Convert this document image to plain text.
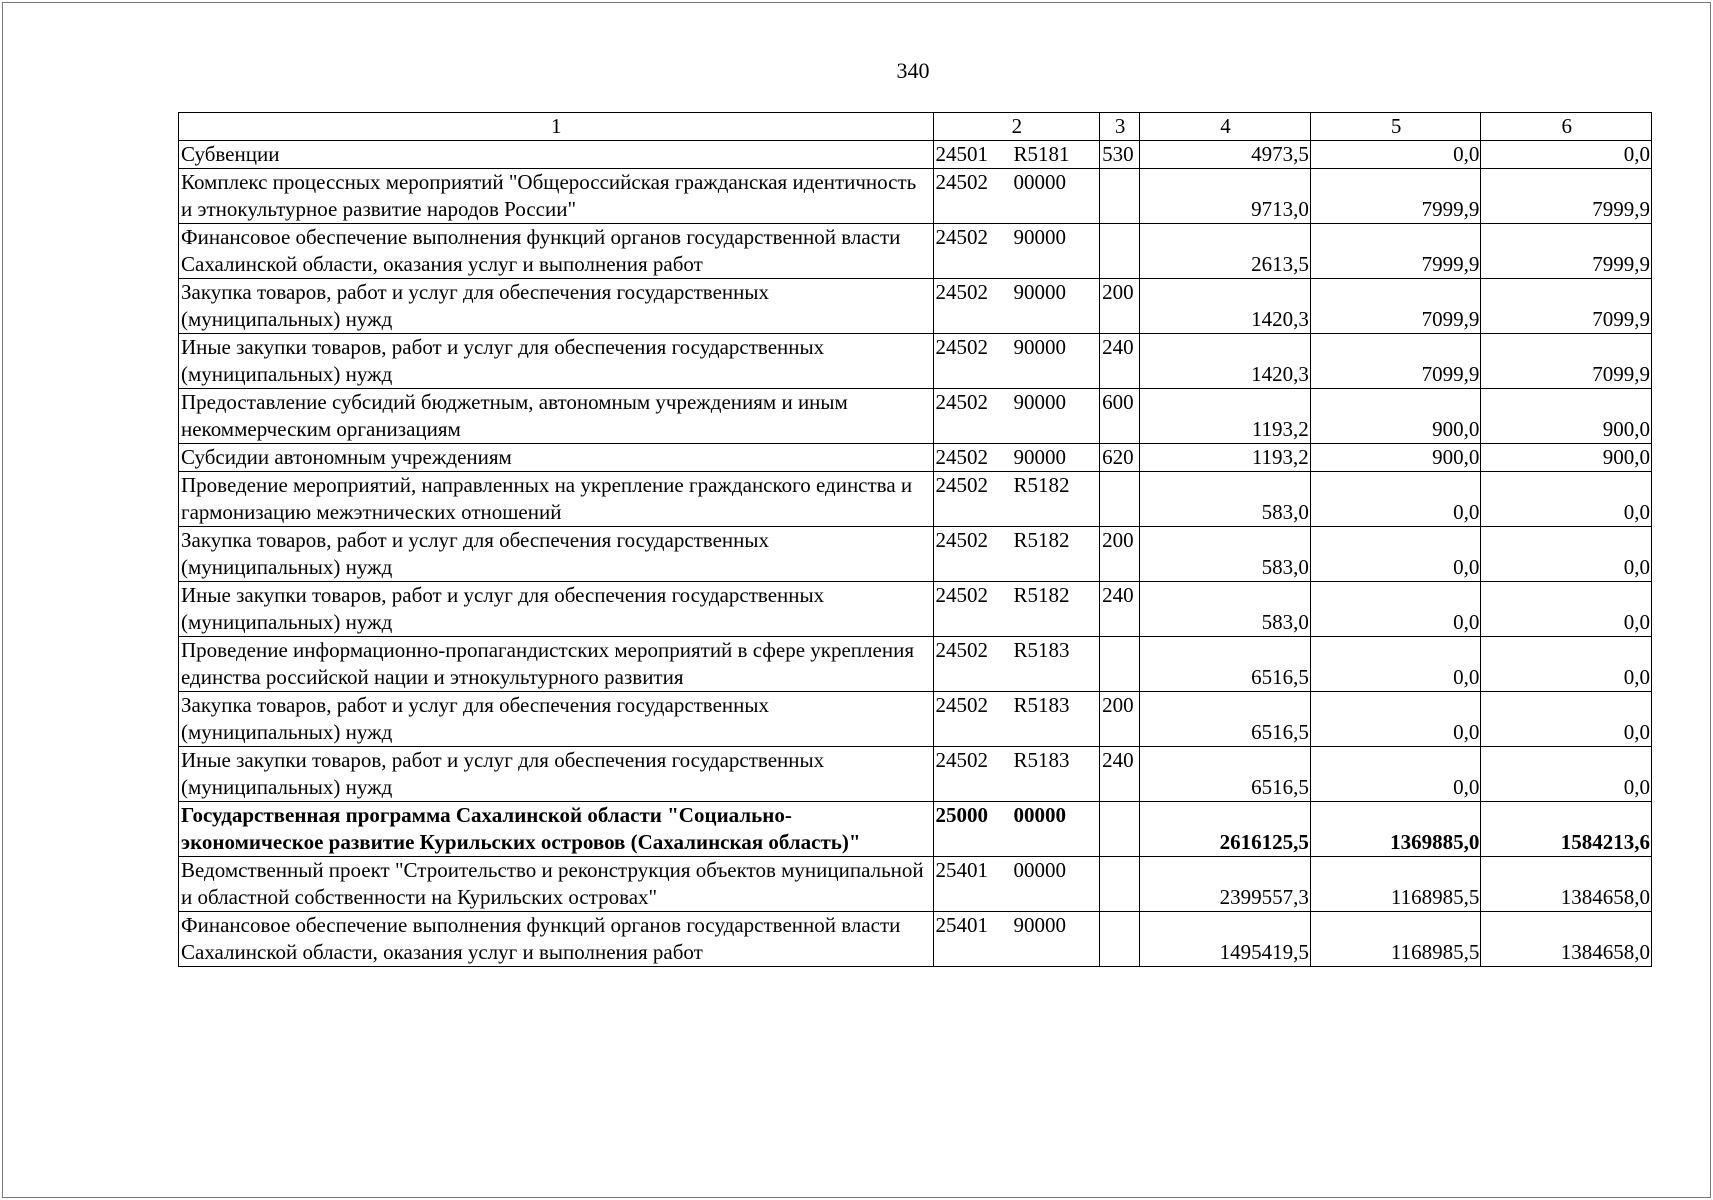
340
1	2	3	4	5	6
Субвенции	24501 R5181	530	4973,5	0,0	0,0
Комплекс процессных мероприятий "Общероссийская гражданская идентичность и этнокультурное развитие народов России"	24502 00000		9713,0	7999,9	7999,9
Финансовое обеспечение выполнения функций органов государственной власти Сахалинской области, оказания услуг и выполнения работ	24502 90000		2613,5	7999,9	7999,9
Закупка товаров, работ и услуг для обеспечения государственных (муниципальных) нужд	24502 90000	200	1420,3	7099,9	7099,9
Иные закупки товаров, работ и услуг для обеспечения государственных (муниципальных) нужд	24502 90000	240	1420,3	7099,9	7099,9
Предоставление субсидий бюджетным, автономным учреждениям и иным некоммерческим организациям	24502 90000	600	1193,2	900,0	900,0
Субсидии автономным учреждениям	24502 90000	620	1193,2	900,0	900,0
Проведение мероприятий, направленных на укрепление гражданского единства и гармонизацию межэтнических отношений	24502 R5182		583,0	0,0	0,0
Закупка товаров, работ и услуг для обеспечения государственных (муниципальных) нужд	24502 R5182	200	583,0	0,0	0,0
Иные закупки товаров, работ и услуг для обеспечения государственных (муниципальных) нужд	24502 R5182	240	583,0	0,0	0,0
Проведение информационно-пропагандистских мероприятий в сфере укрепления единства российской нации и этнокультурного развития	24502 R5183		6516,5	0,0	0,0
Закупка товаров, работ и услуг для обеспечения государственных (муниципальных) нужд	24502 R5183	200	6516,5	0,0	0,0
Иные закупки товаров, работ и услуг для обеспечения государственных (муниципальных) нужд	24502 R5183	240	6516,5	0,0	0,0
Государственная программа Сахалинской области "Социально-экономическое развитие Курильских островов (Сахалинская область)"	25000 00000		2616125,5	1369885,0	1584213,6
Ведомственный проект "Строительство и реконструкция объектов муниципальной и областной собственности на Курильских островах"	25401 00000		2399557,3	1168985,5	1384658,0
Финансовое обеспечение выполнения функций органов государственной власти Сахалинской области, оказания услуг и выполнения работ	25401 90000		1495419,5	1168985,5	1384658,0
